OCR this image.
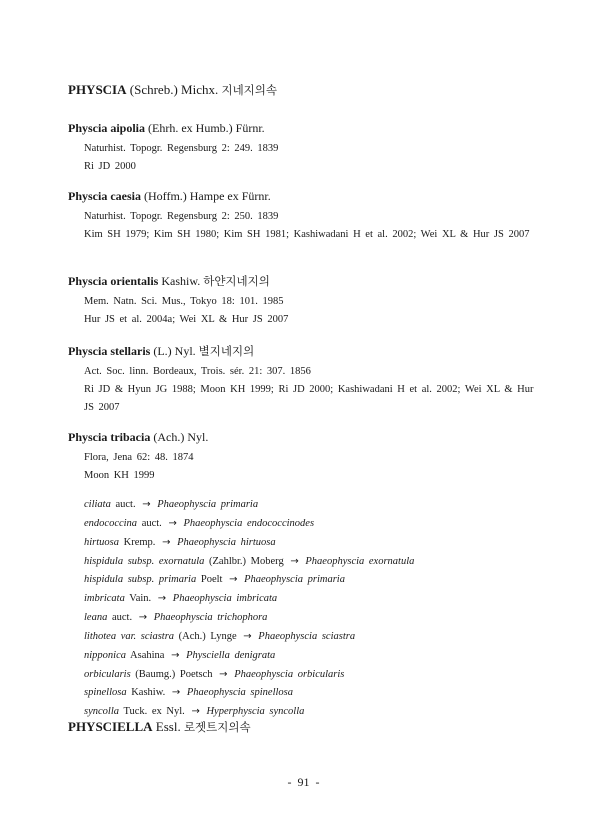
PHYSCIA (Schreb.) Michx. 지네지의속

Physcia aipolia (Ehrh. ex Humb.) Fürnr.

Naturhist. Topogr. Regensburg 2: 249. 1839

Ri JD 2000

Physcia caesia (Hoffm.) Hampe ex Fürnr.

Naturhist. Topogr. Regensburg 2: 250. 1839

Kim SH 1979; Kim SH 1980; Kim SH 1981; Kashiwadani H et al. 2002; Wei XL & Hur JS 2007

Physcia orientalis Kashiw. 하얀지네지의

Mem. Natn. Sci. Mus., Tokyo 18: 101. 1985

Hur JS et al. 2004a; Wei XL & Hur JS 2007

Physcia stellaris (L.) Nyl. 별지네지의

Act. Soc. linn. Bordeaux, Trois. sér. 21: 307. 1856

Ri JD & Hyun JG 1988; Moon KH 1999; Ri JD 2000; Kashiwadani H et al. 2002; Wei XL & Hur JS 2007

Physcia tribacia (Ach.) Nyl.

Flora, Jena 62: 48. 1874

Moon KH 1999

ciliata auct. → Phaeophyscia primaria

endococcina auct. → Phaeophyscia endococcinodes

hirtuosa Kremp. → Phaeophyscia hirtuosa

hispidula subsp. exornatula (Zahlbr.) Moberg → Phaeophyscia exornatula

hispidula subsp. primaria Poelt → Phaeophyscia primaria

imbricata Vain. → Phaeophyscia imbricata

leana auct. → Phaeophyscia trichophora

lithotea var. sciastra (Ach.) Lynge → Phaeophyscia sciastra

nipponica Asahina → Physciella denigrata

orbicularis (Baumg.) Poetsch → Phaeophyscia orbicularis

spinellosa Kashiw. → Phaeophyscia spinellosa

syncolla Tuck. ex Nyl. → Hyperphyscia syncolla

PHYSCIELLA Essl. 로젯트지의속
- 91 -
